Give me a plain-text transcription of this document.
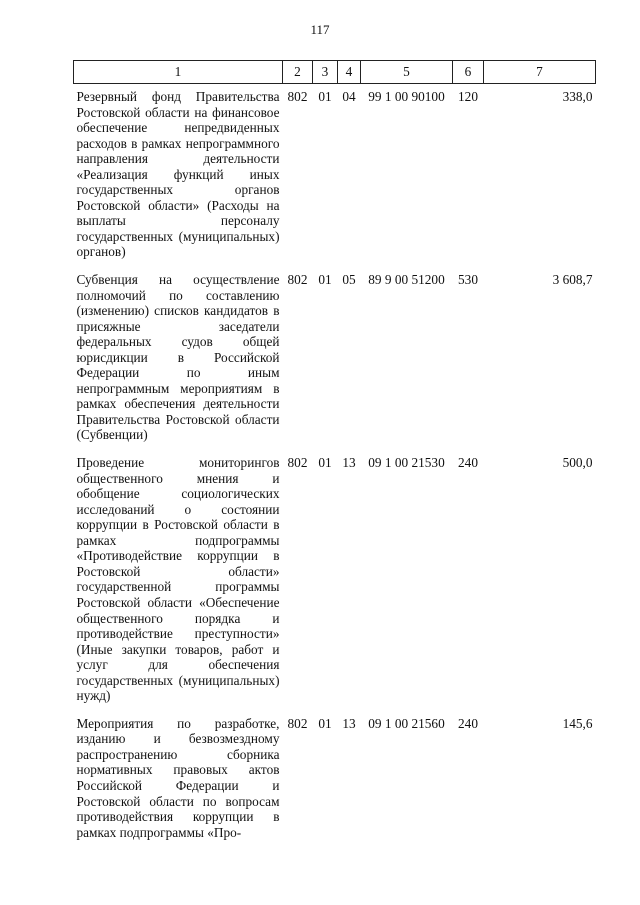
117
1	2	3	4	5	6	7
Резервный фонд Правительства Ростовской области на финансовое обеспечение непредвиденных расходов в рамках непрограммного направления деятельности «Реализация функций иных государственных органов Ростовской области» (Расходы на выплаты персоналу государственных (муниципальных) органов)	802	01	04	99 1 00 90100	120	338,0
Субвенция на осуществление полномочий по составлению (изменению) списков кандидатов в присяжные заседатели федеральных судов общей юрисдикции в Российской Федерации по иным непрограммным мероприятиям в рамках обеспечения деятельности Правительства Ростовской области (Субвенции)	802	01	05	89 9 00 51200	530	3 608,7
Проведение мониторингов общественного мнения и обобщение социологических исследований о состоянии коррупции в Ростовской области в рамках подпрограммы «Противодействие коррупции в Ростовской области» государственной программы Ростовской области «Обеспечение общественного порядка и противодействие преступности» (Иные закупки товаров, работ и услуг для обеспечения государственных (муниципальных) нужд)	802	01	13	09 1 00 21530	240	500,0
Мероприятия по разработке, изданию и безвозмездному распространению сборника нормативных правовых актов Российской Федерации и Ростовской области по вопросам противодействия коррупции в рамках подпрограммы «Про-	802	01	13	09 1 00 21560	240	145,6
